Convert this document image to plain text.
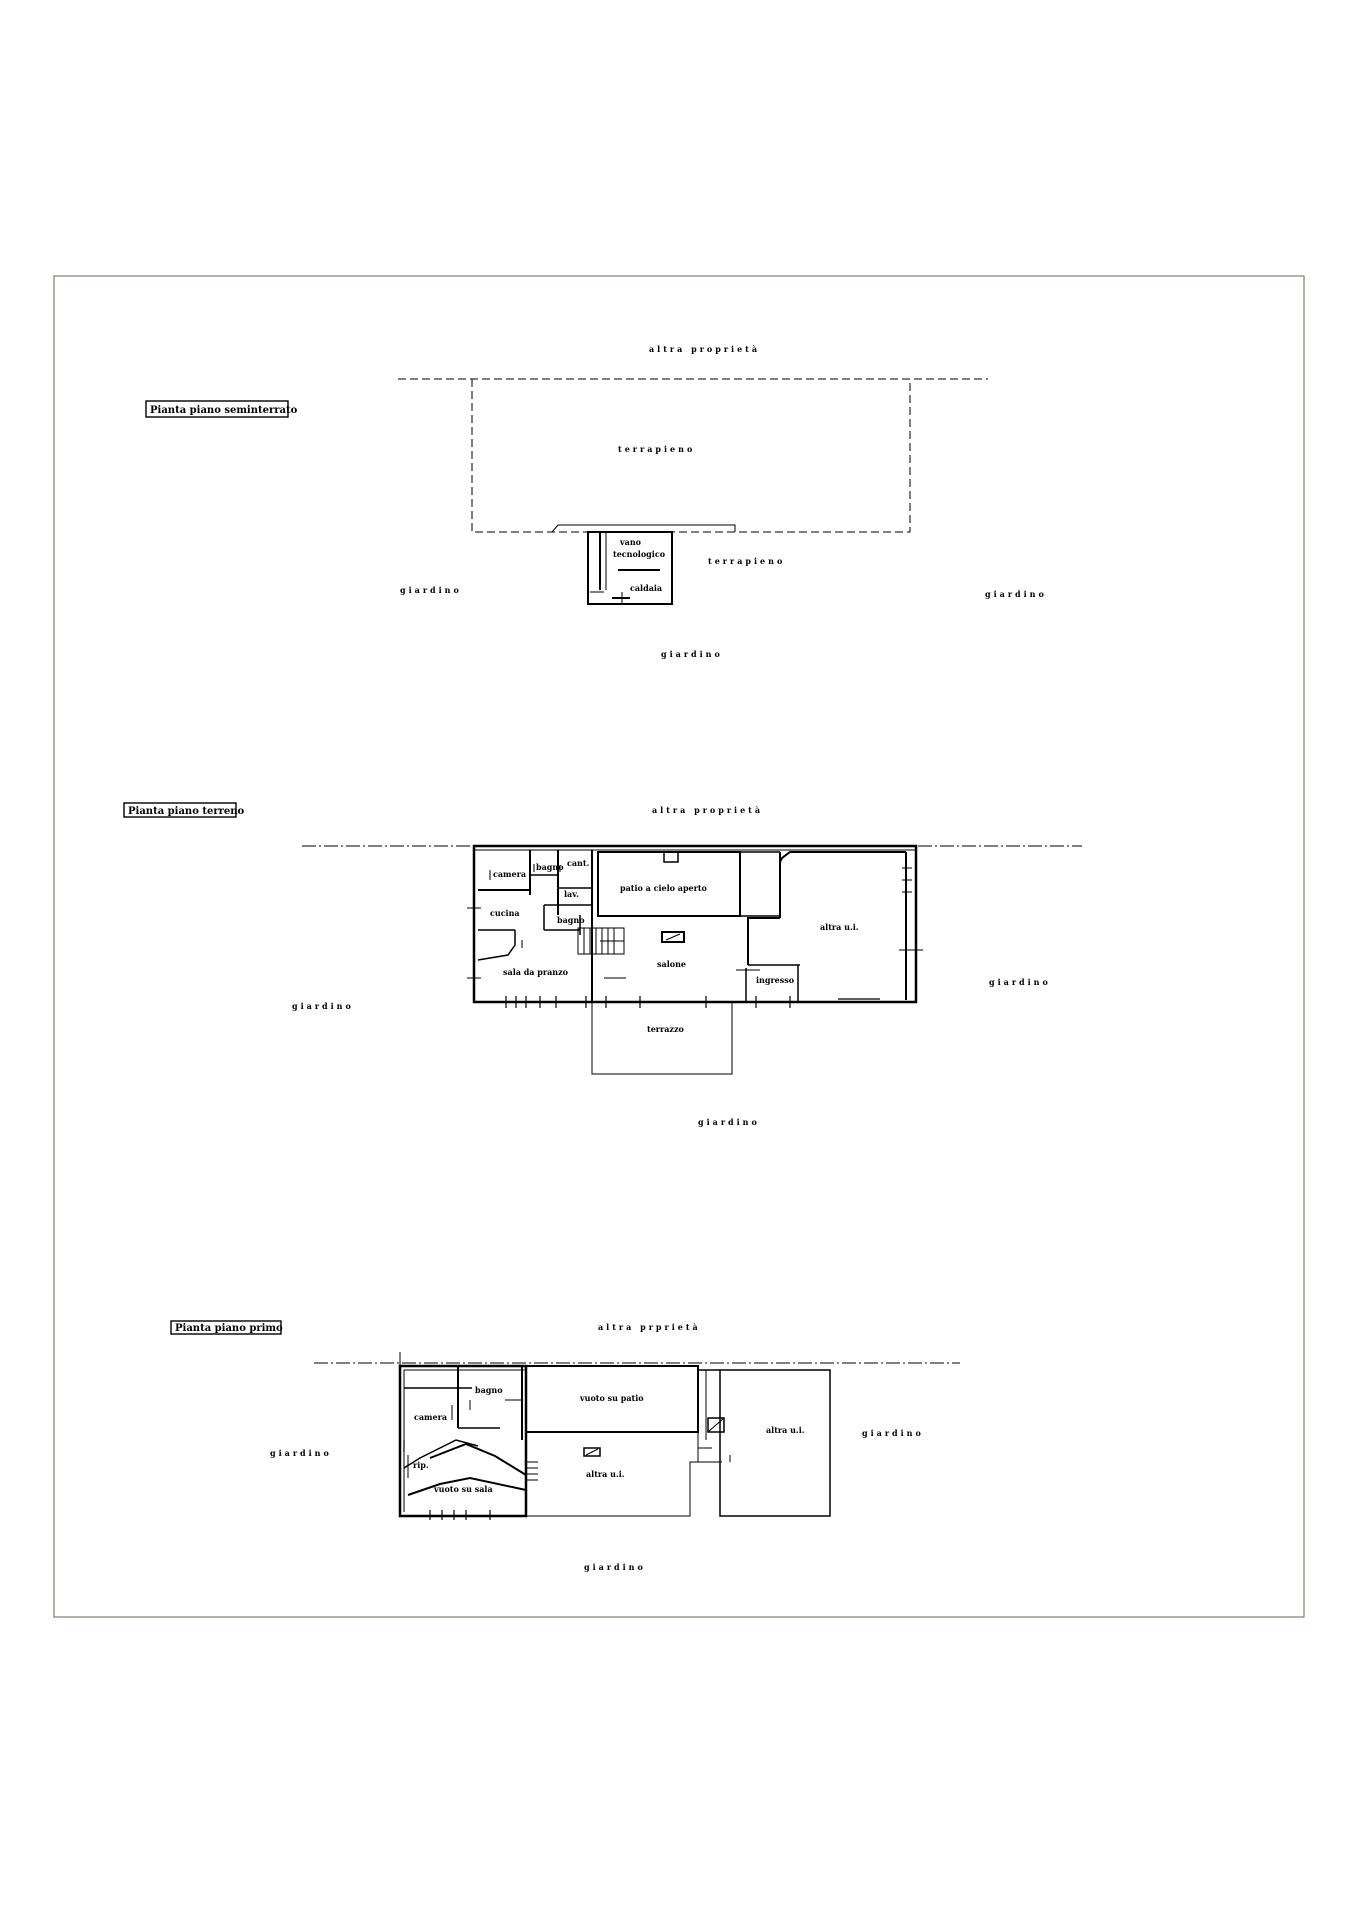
Pianta piano seminterrato
altra proprietà
terrapieno
vano
tecnologico
caldaia
terrapieno
giardino	giardino
giardino
Pianta piano terreno	altra proprietà
camera
bagno cant.
lav.
cucina
bagno
patio a cielo aperto
altra u.i.
salone
sala da pranzo
ingresso
terrazzo
giardino
giardino
giardino
Pianta piano primo	altra prprietà
bagno
camera
vuoto su patio
altra u.i.
altra u.i.
rip.
vuoto su sala
giardino
giardino
giardino
